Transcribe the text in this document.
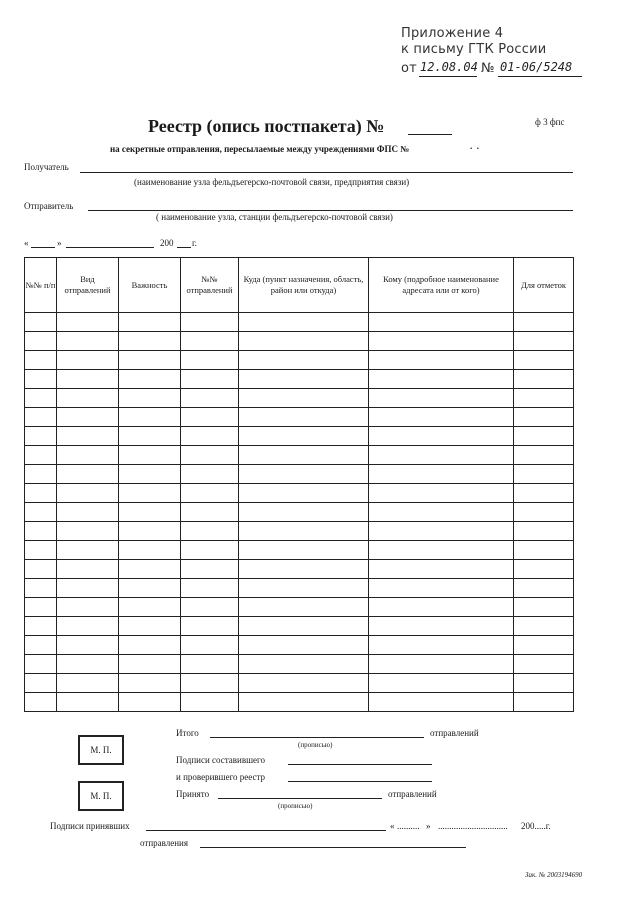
Приложение 4
к письму ГТК России
от 12.08.04 № 01-06/5248
ф 3 фпс
Реестр (опись постпакета) №
на секретные отправления, пересылаемые между учреждениями ФПС №	.  .
Получатель
(наименование узла фельдъегерско-почтовой связи, предприятия связи)
Отправитель
( наименование узла, станции фельдъегерско-почтовой связи)
«	»	200 г.
№№ п/п	Вид отправлений	Важность	№№ отправлений	Куда (пункт назначения, область, район или откуда)	Кому (подробное наименование адресата или от кого)	Для отметок

М. П.
М. П.
Итого	отправлений
(прописью)
Подписи составившего
и проверившего реестр
Принято	отправлений
(прописью)
Подписи принявших	« .......... » ............................... 200.....г.
отправления
Зак. № 2003194690
